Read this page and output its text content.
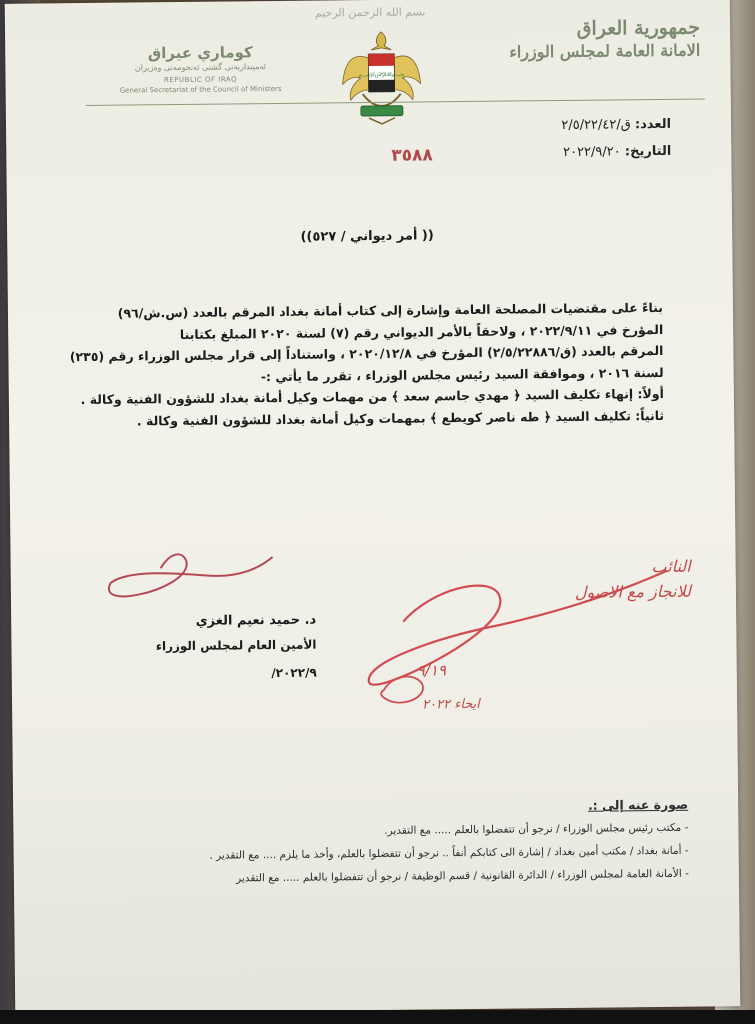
بسم الله الرحمن الرحيم
جمهورية العراق
الامانة العامة لمجلس الوزراء
﷽
كوماري عيراق
ئەمینداریەتی گشتی ئەنجومەنی وەزیران
REPUBLIC OF IRAQ
General Secretariat of the Council of Ministers
العدد: ق/٢/٥/٢٢/٤٢
التاريخ: ٢٠٢٢/٩/٢٠
٣٥٨٨
(( أمر ديواني / ٥٢٧))

بناءً على مقتضيات المصلحة العامة وإشارة إلى كتاب أمانة بغداد المرقم بالعدد (س.ش/٩٦)

المؤرخ في ٢٠٢٢/٩/١١ ، ولاحقاً بالأمر الديواني رقم (٧) لسنة ٢٠٢٠ المبلغ بكتابنا

المرقم بالعدد (ق/٢/٥/٢٢٨٨٦) المؤرخ في ٢٠٢٠/١٢/٨ ، واستناداً إلى قرار مجلس الوزراء رقم (٢٣٥)

لسنة ٢٠١٦ ، وموافقة السيد رئيس مجلس الوزراء ، تقرر ما يأتي :-

أولاً: إنهاء تكليف السيد ﴿ مهدي جاسم سعد ﴾ من مهمات وكيل أمانة بغداد للشؤون الفنية وكالة .

ثانياً: تكليف السيد ﴿ طه ناصر كويطع ﴾ بمهمات وكيل أمانة بغداد للشؤون الفنية وكالة .

د. حميد نعيم الغزي
الأمين العام لمجلس الوزراء
٢٠٢٢/٩/
النائب
للانجاز مع الاصول
٩/١٩
ايحاء ٢٠٢٢
صورة عنه إلى :.
- مكتب رئيس مجلس الوزراء / نرجو أن تتفضلوا بالعلم ..... مع التقدير.
- أمانة بغداد / مكتب أمين بغداد / إشارة الى كتابكم أنفاً .. نرجو أن تتفضلوا بالعلم، وأخذ ما يلزم .... مع التقدير .
- الأمانة العامة لمجلس الوزراء / الدائرة القانونية / قسم الوظيفة / نرجو أن تتفضلوا بالعلم ..... مع التقدير
